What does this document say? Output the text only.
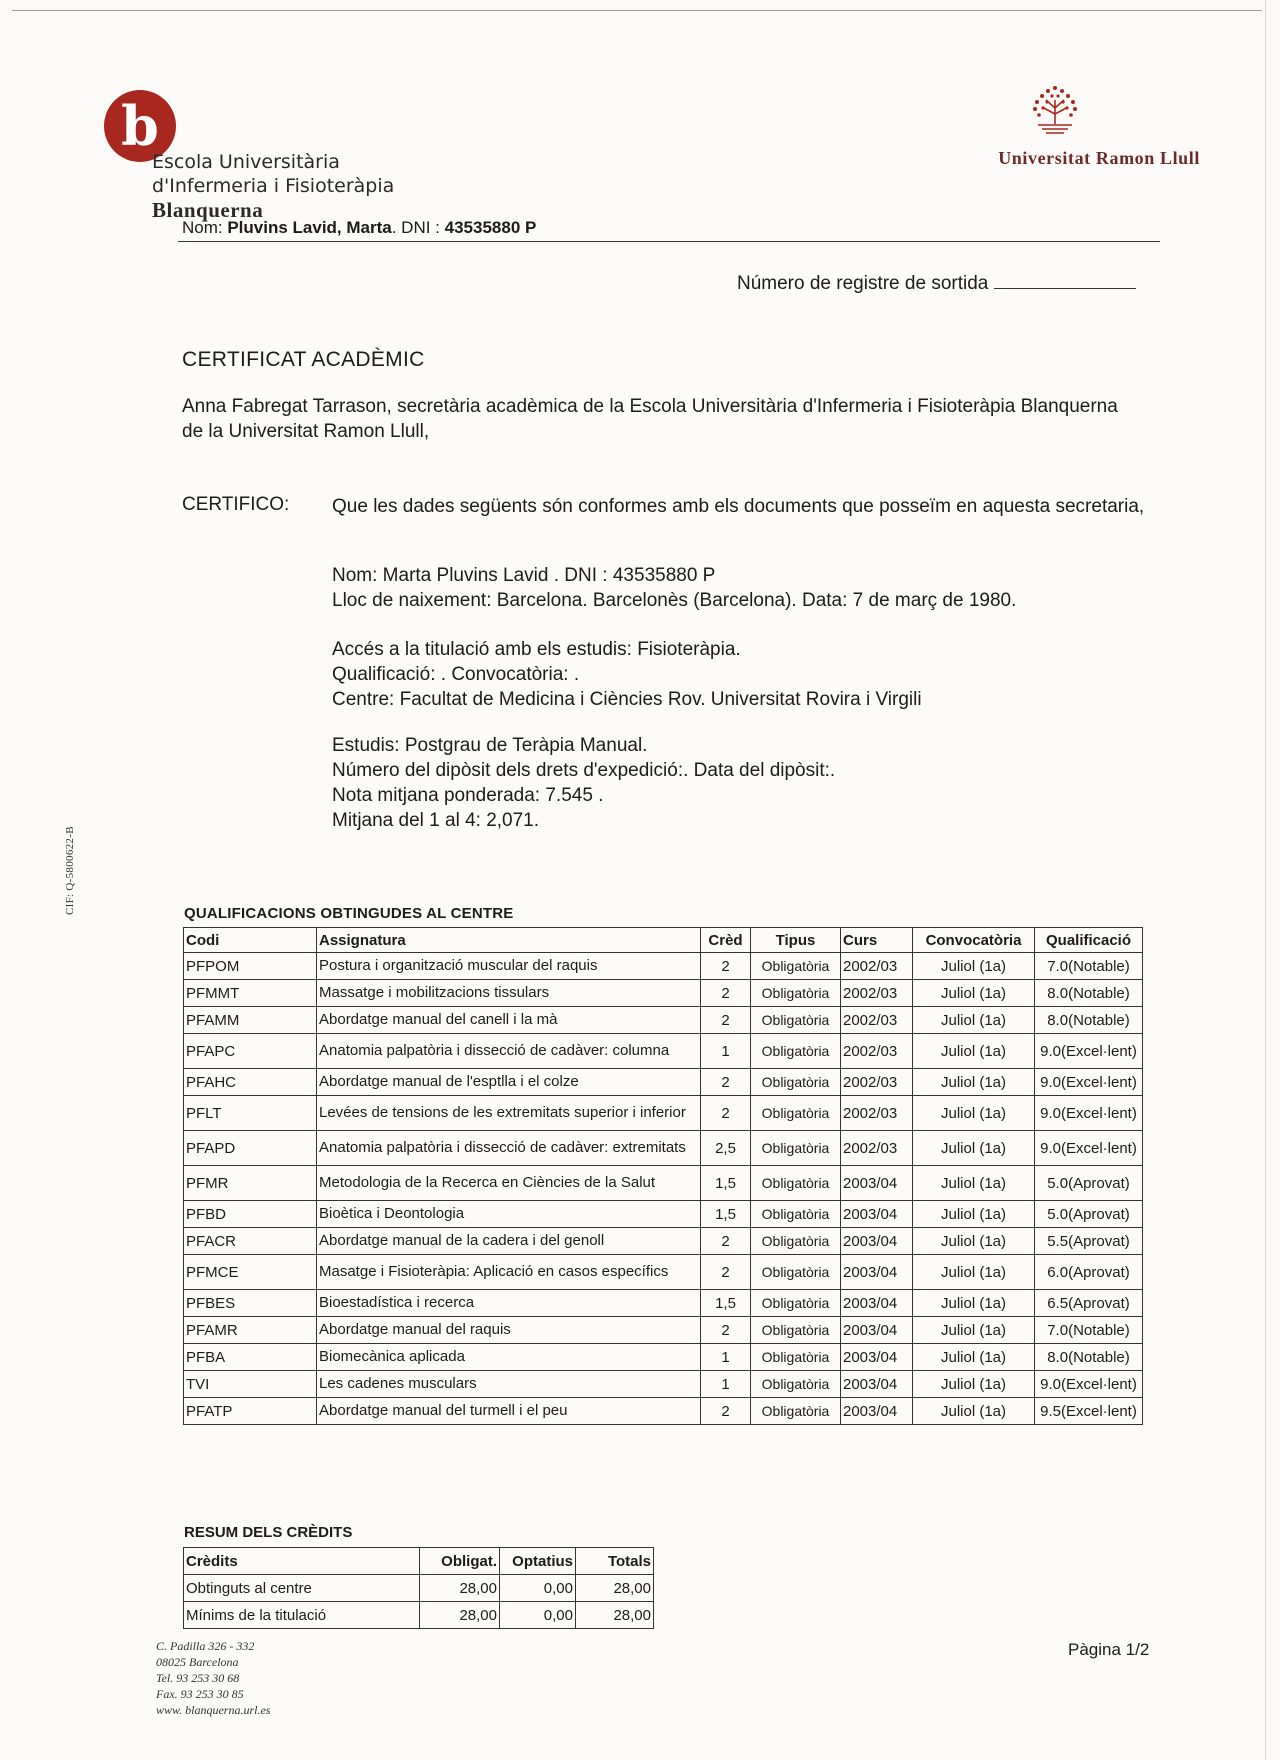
b
Escola Universitària
d'Infermeria i Fisioteràpia
Blanquerna
Universitat Ramon Llull
Nom: Pluvins Lavid, Marta. DNI : 43535880 P
Número de registre de sortida
CERTIFICAT ACADÈMIC
Anna Fabregat Tarrason, secretària acadèmica de la Escola Universitària d'Infermeria i Fisioteràpia Blanquerna de la Universitat Ramon Llull,
CERTIFICO: Que les dades següents són conformes amb els documents que posseïm en aquesta secretaria,
Nom: Marta Pluvins Lavid . DNI : 43535880 P
Lloc de naixement: Barcelona. Barcelonès (Barcelona). Data: 7 de març de 1980.
Accés a la titulació amb els estudis: Fisioteràpia.
Qualificació: . Convocatòria: .
Centre: Facultat de Medicina i Ciències Rov. Universitat Rovira i Virgili
Estudis: Postgrau de Teràpia Manual.
Número del dipòsit dels drets d'expedició:. Data del dipòsit:.
Nota mitjana ponderada: 7.545 .
Mitjana del 1 al 4: 2,071.
CIF: Q-5800622-B	QUALIFICACIONS OBTINGUDES AL CENTRE
Codi	Assignatura	Crèd	Tipus	Curs	Convocatòria	Qualificació
PFPOM	Postura i organització muscular del raquis	2	Obligatòria	2002/03	Juliol (1a)	7.0(Notable)
PFMMT	Massatge i mobilitzacions tissulars	2	Obligatòria	2002/03	Juliol (1a)	8.0(Notable)
PFAMM	Abordatge manual del canell i la mà	2	Obligatòria	2002/03	Juliol (1a)	8.0(Notable)
PFAPC	Anatomia palpatòria i dissecció de cadàver: columna	1	Obligatòria	2002/03	Juliol (1a)	9.0(Excel·lent)
PFAHC	Abordatge manual de l'esptlla i el colze	2	Obligatòria	2002/03	Juliol (1a)	9.0(Excel·lent)
PFLT	Levées de tensions de les extremitats superior i inferior	2	Obligatòria	2002/03	Juliol (1a)	9.0(Excel·lent)
PFAPD	Anatomia palpatòria i dissecció de cadàver: extremitats	2,5	Obligatòria	2002/03	Juliol (1a)	9.0(Excel·lent)
PFMR	Metodologia de la Recerca en Ciències de la Salut	1,5	Obligatòria	2003/04	Juliol (1a)	5.0(Aprovat)
PFBD	Bioètica i Deontologia	1,5	Obligatòria	2003/04	Juliol (1a)	5.0(Aprovat)
PFACR	Abordatge manual de la cadera i del genoll	2	Obligatòria	2003/04	Juliol (1a)	5.5(Aprovat)
PFMCE	Masatge i Fisioteràpia: Aplicació en casos específics	2	Obligatòria	2003/04	Juliol (1a)	6.0(Aprovat)
PFBES	Bioestadística i recerca	1,5	Obligatòria	2003/04	Juliol (1a)	6.5(Aprovat)
PFAMR	Abordatge manual del raquis	2	Obligatòria	2003/04	Juliol (1a)	7.0(Notable)
PFBA	Biomecànica aplicada	1	Obligatòria	2003/04	Juliol (1a)	8.0(Notable)
TVI	Les cadenes musculars	1	Obligatòria	2003/04	Juliol (1a)	9.0(Excel·lent)
PFATP	Abordatge manual del turmell i el peu	2	Obligatòria	2003/04	Juliol (1a)	9.5(Excel·lent)
RESUM DELS CRÈDITS
Crèdits	Obligat.	Optatius	Totals
Obtinguts al centre	28,00	0,00	28,00
Mínims de la titulació	28,00	0,00	28,00
C. Padilla 326 - 332
08025 Barcelona
Tel. 93 253 30 68
Fax. 93 253 30 85
www. blanquerna.url.es
Pàgina 1/2
